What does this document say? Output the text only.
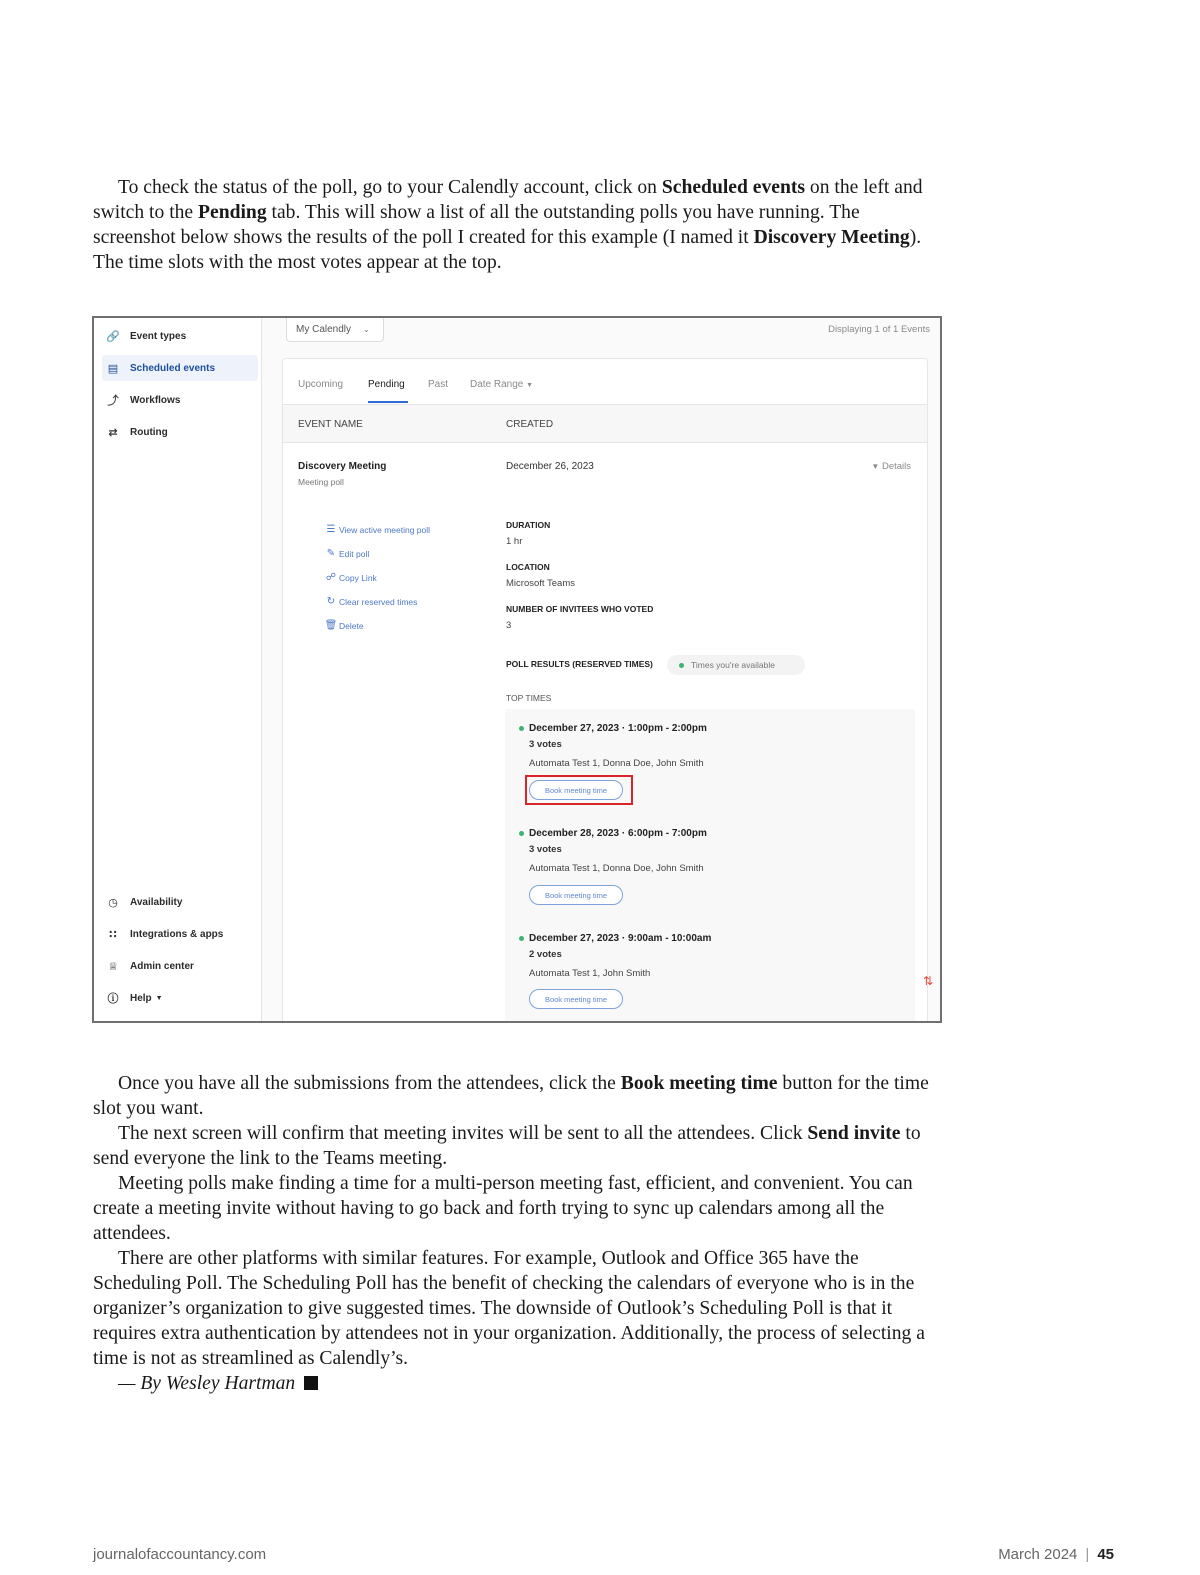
To check the status of the poll, go to your Calendly account, click on Scheduled events on the left and switch to the Pending tab. This will show a list of all the outstanding polls you have running. The screenshot below shows the results of the poll I created for this example (I named it Discovery Meeting). The time slots with the most votes appear at the top.

🔗 Event types
▤	Scheduled events
⤴	Workflows
⇄	Routing
◷	Availability
∷	Integrations & apps
♕	Admin center
ⓘ	Help ▼
My Calendly ⌄	Displaying 1 of 1 Events
Upcoming Pending Past Date Range ▼
EVENT NAME	CREATED
Discovery Meeting
Meeting poll
December 26, 2023	▼ Details
☰ View active meeting poll
✎ Edit poll
☍ Copy Link
↻ Clear reserved times
🗑 Delete
DURATION
1 hr
LOCATION
Microsoft Teams
NUMBER OF INVITEES WHO VOTED
3
POLL RESULTS (RESERVED TIMES)	Times you're available
TOP TIMES
December 27, 2023 · 1:00pm - 2:00pm
3 votes
Automata Test 1, Donna Doe, John Smith
Book meeting time
December 28, 2023 · 6:00pm - 7:00pm
3 votes
Automata Test 1, Donna Doe, John Smith
Book meeting time
December 27, 2023 · 9:00am - 10:00am
2 votes
Automata Test 1, John Smith
Book meeting time
⇅

Once you have all the submissions from the attendees, click the Book meeting time button for the time slot you want.

The next screen will confirm that meeting invites will be sent to all the attendees. Click Send invite to send everyone the link to the Teams meeting.

Meeting polls make finding a time for a multi-person meeting fast, efficient, and convenient. You can create a meeting invite without having to go back and forth trying to sync up calendars among all the attendees.

There are other platforms with similar features. For example, Outlook and Office 365 have the Scheduling Poll. The Scheduling Poll has the benefit of checking the calendars of everyone who is in the organizer’s organization to give suggested times. The downside of Outlook’s Scheduling Poll is that it requires extra authentication by attendees not in your organization. Additionally, the process of selecting a time is not as streamlined as Calendly’s.

— By Wesley Hartman

journalofaccountancy.com	March 2024 | 45
